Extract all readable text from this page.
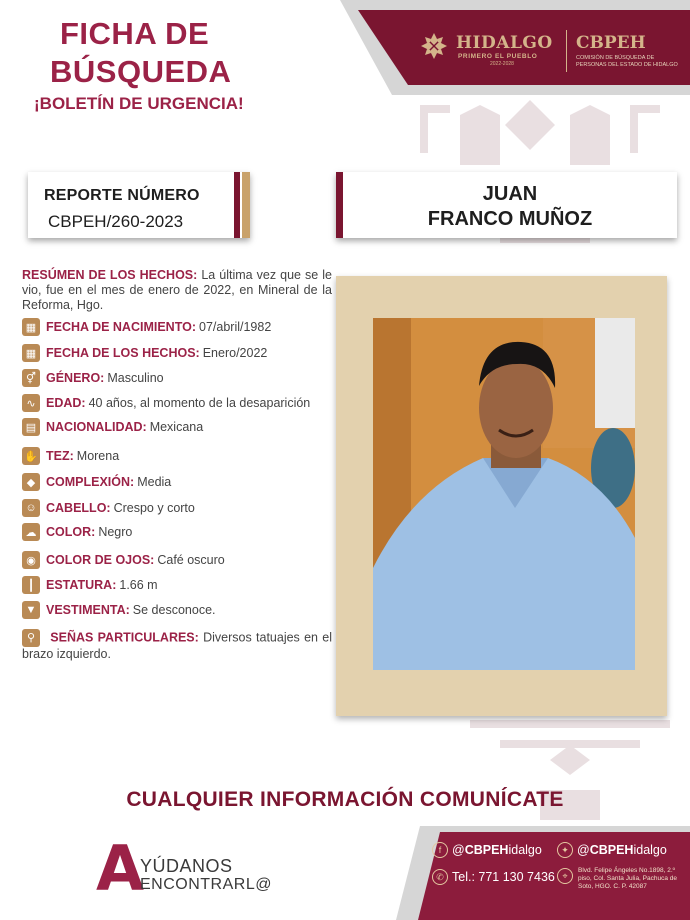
FICHA DE
BÚSQUEDA
¡BOLETÍN DE URGENCIA!
HIDALGO
PRIMERO EL PUEBLO
2022-2028
CBPEH
COMISIÓN DE BÚSQUEDA DE PERSONAS DEL ESTADO DE HIDALGO
REPORTE NÚMERO
CBPEH/260-2023
JUAN
FRANCO MUÑOZ
RESÚMEN DE LOS HECHOS: La última vez que se le vio, fue en el mes de enero de 2022, en Mineral de la Reforma, Hgo.
▦ FECHA DE NACIMIENTO: 07/abril/1982
▦ FECHA DE LOS HECHOS: Enero/2022
⚥ GÉNERO: Masculino
∿ EDAD: 40 años, al momento de la desaparición
▤ NACIONALIDAD: Mexicana
✋ TEZ: Morena
◆ COMPLEXIÓN: Media
☺ CABELLO: Crespo y corto
☁ COLOR: Negro
◉ COLOR DE OJOS: Café oscuro
┃ ESTATURA: 1.66 m
▼ VESTIMENTA: Se desconoce.
⚲ SEÑAS PARTICULARES: Diversos tatuajes en el brazo izquierdo.
CUALQUIER INFORMACIÓN COMUNÍCATE
A
YÚDANOS
ENCONTRARL@
f @ CBPEH idalgo	✦ @ CBPEH idalgo
✆ Tel.: 771 130 7436 ⌖	Blvd. Felipe Ángeles No.1898, 2.º piso, Col. Santa Julia, Pachuca de Soto, HGO. C. P. 42087
